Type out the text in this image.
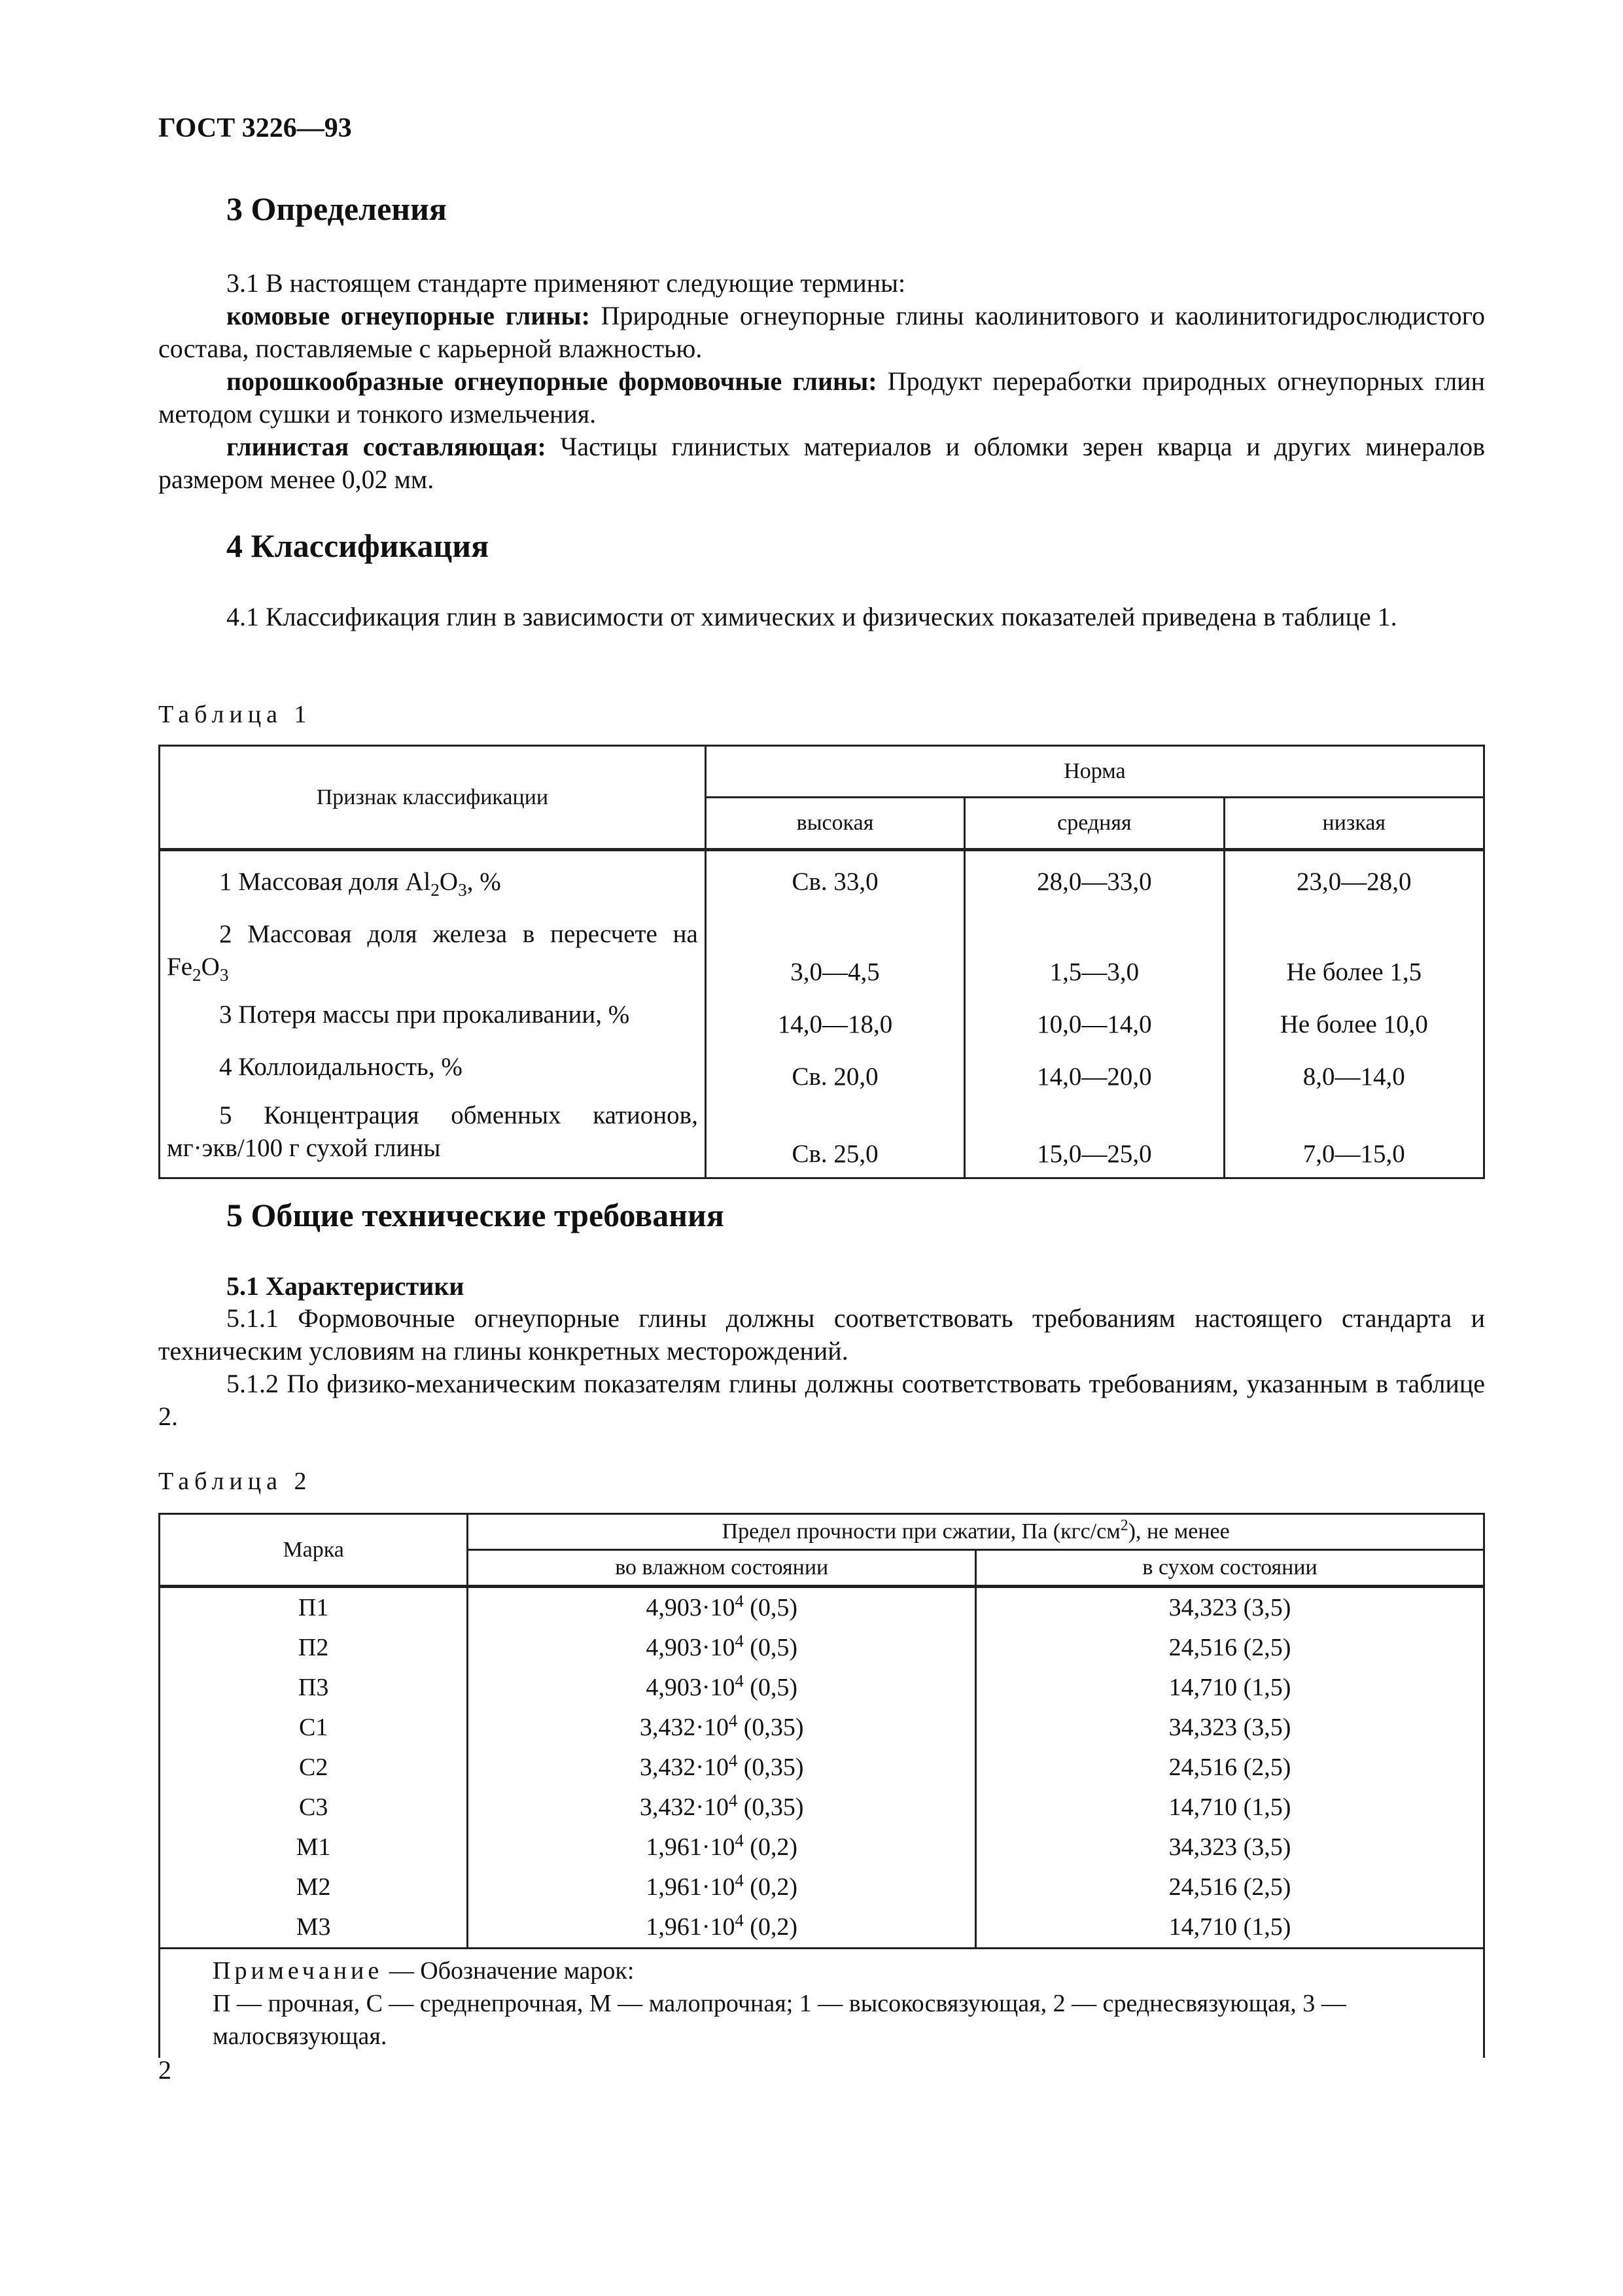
ГОСТ 3226—93
3 Определения

3.1 В настоящем стандарте применяют следующие термины:

комовые огнеупорные глины: Природные огнеупорные глины каолинитового и каолинитогидрослюдистого состава, поставляемые с карьерной влажностью.

порошкообразные огнеупорные формовочные глины: Продукт переработки природных огнеупорных глин методом сушки и тонкого измельчения.

глинистая составляющая: Частицы глинистых материалов и обломки зерен кварца и других минералов размером менее 0,02 мм.

4 Классификация

4.1 Классификация глин в зависимости от химических и физических показателей приведена в таблице 1.

Таблица 1
Признак классификации	Норма		
	высокая	средняя	низкая
1 Массовая доля $Al_2O_3$, %	Св. 33,0	28,0—33,0	23,0—28,0
2 Массовая доля железа в пересчете на $Fe_2O_3$	3,0—4,5	1,5—3,0	Не более 1,5
3 Потеря массы при прокаливании, %	14,0—18,0	10,0—14,0	Не более 10,0
4 Коллоидальность, %	Св. 20,0	14,0—20,0	8,0—14,0
5 Концентрация обменных катионов, мг·экв/100 г сухой глины	Св. 25,0	15,0—25,0	7,0—15,0
5 Общие технические требования
5.1 Характеристики

5.1.1 Формовочные огнеупорные глины должны соответствовать требованиям настоящего стандарта и техническим условиям на глины конкретных месторождений.

5.1.2 По физико-механическим показателям глины должны соответствовать требованиям, указанным в таблице 2.

Таблица 2
Марка	Предел прочности при сжатии, Па $(кгс/см^2)$, не менее	
	во влажном состоянии	в сухом состоянии
П1	$4,903\cdot 10^4$ (0,5)	34,323 (3,5)
П2	$4,903\cdot 10^4$ (0,5)	24,516 (2,5)
П3	$4,903\cdot 10^4$ (0,5)	14,710 (1,5)
С1	$3,432\cdot 10^4$ (0,35)	34,323 (3,5)
С2	$3,432\cdot 10^4$ (0,35)	24,516 (2,5)
С3	$3,432\cdot 10^4$ (0,35)	14,710 (1,5)
М1	$1,961\cdot 10^4$ (0,2)	34,323 (3,5)
М2	$1,961\cdot 10^4$ (0,2)	24,516 (2,5)
М3	$1,961\cdot 10^4$ (0,2)	14,710 (1,5)
Примечание — Обозначение марок:
П — прочная, С — среднепрочная, М — малопрочная; 1 — высокосвязующая, 2 — среднесвязующая, 3 — малосвязующая.		
2
